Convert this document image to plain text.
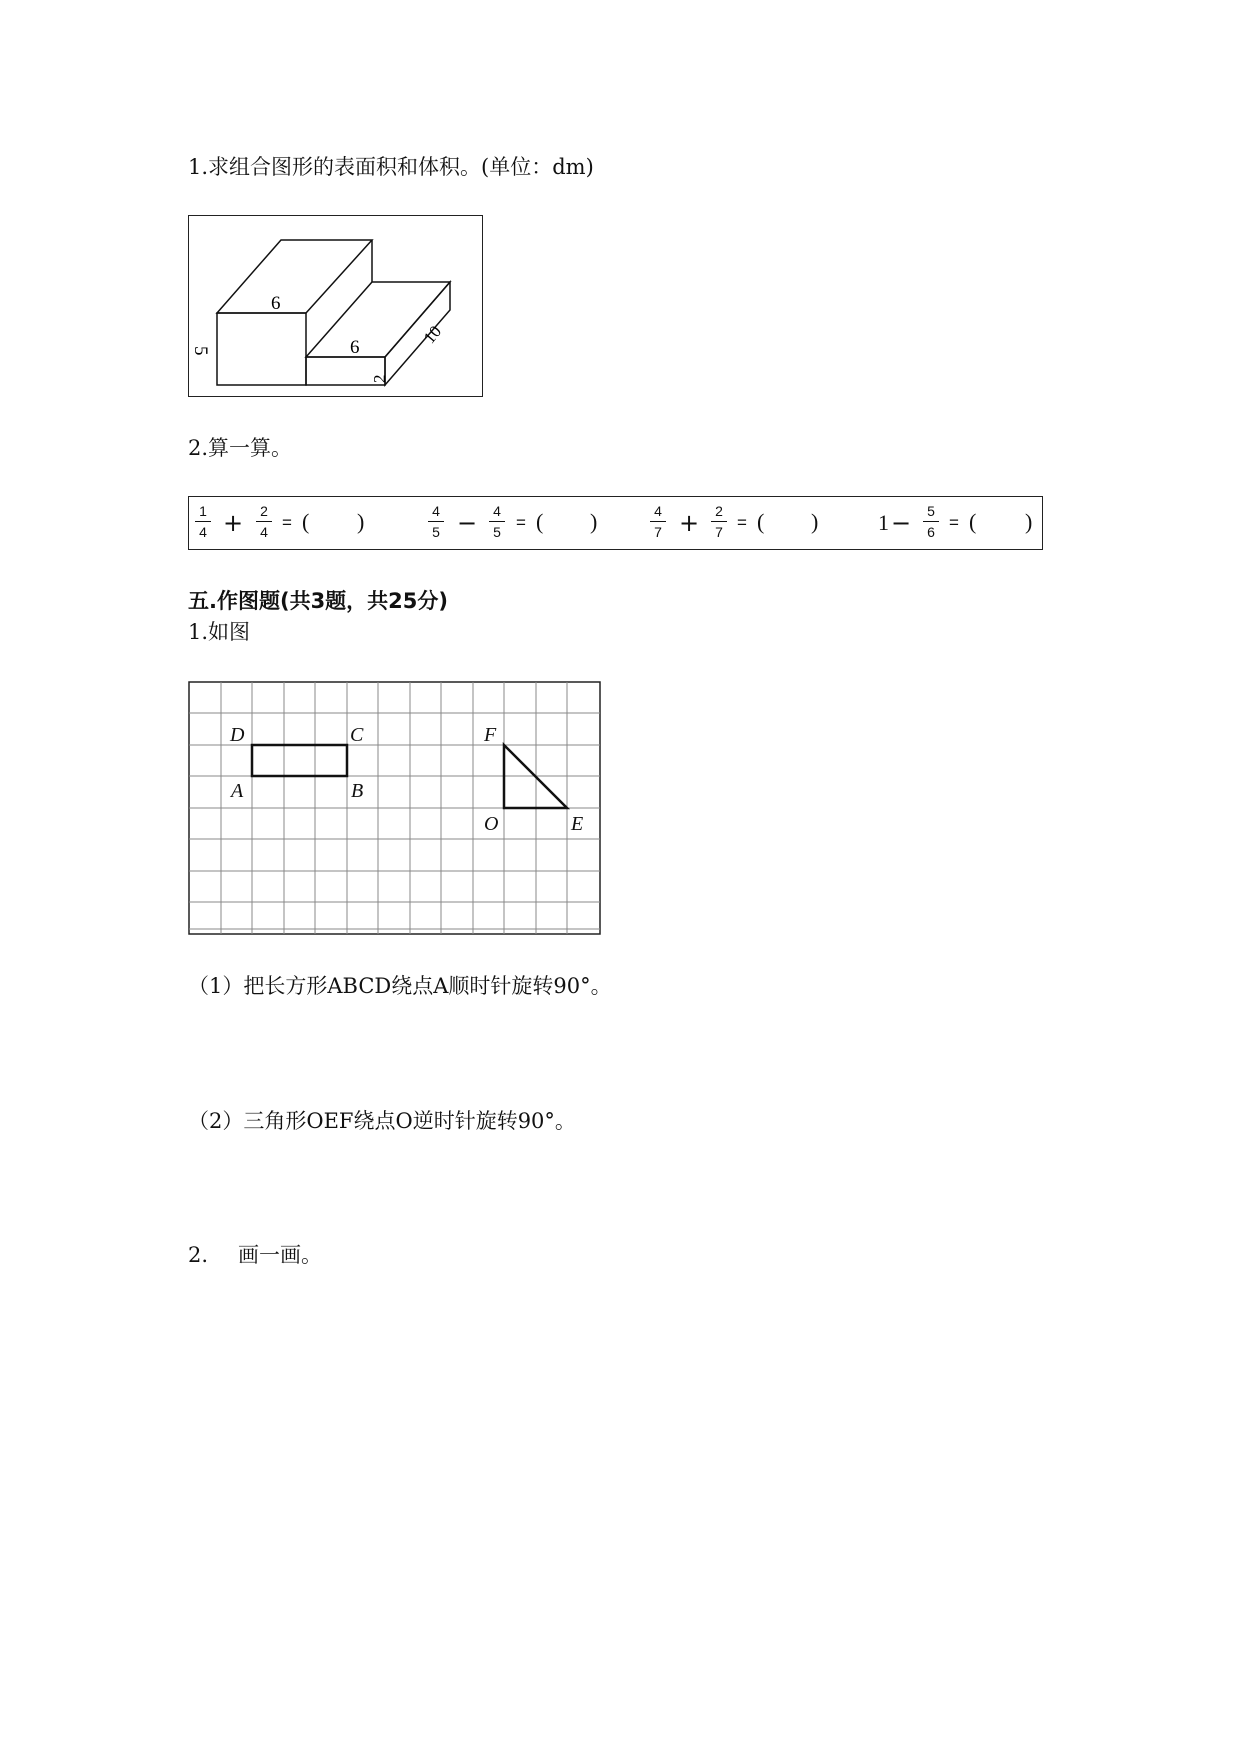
1.求组合图形的表面积和体积。(单位：dm)
6
5	6
2
10
2.算一算。
1
4 +	2
4 = ( )	4
5 −	4
5 = ( )	4
7 +	2
7 = ( )	1 −	5
6 = ( )
五.作图题(共3题，共25分)
1.如图
D	C
A	B
F
O	E
（1）把长方形ABCD绕点A顺时针旋转90°。
（2）三角形OEF绕点O逆时针旋转90°。
2. 画一画。
